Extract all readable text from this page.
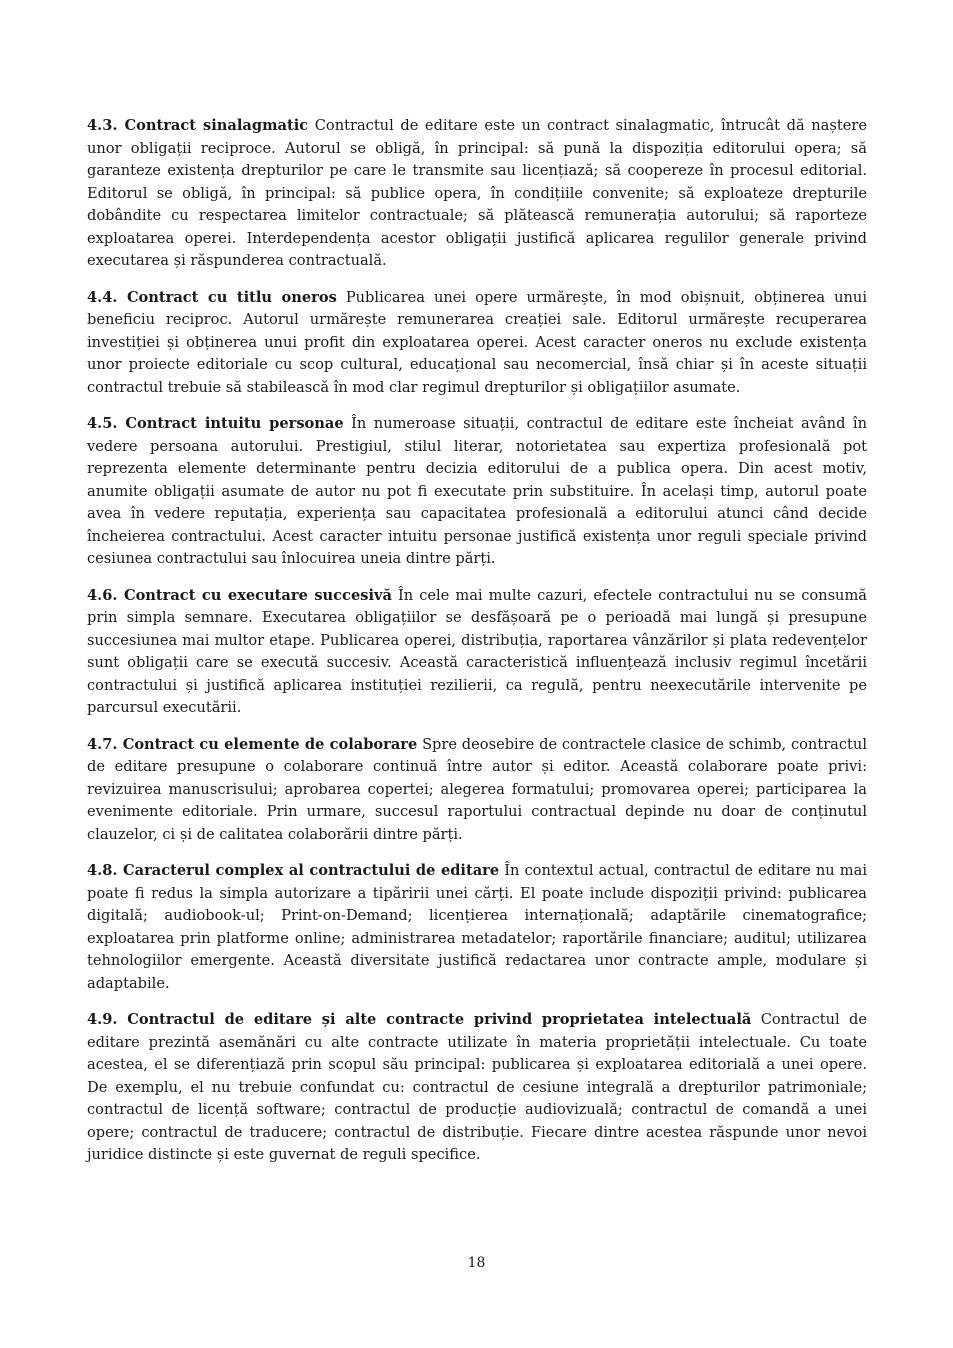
4.3. Contract sinalagmatic Contractul de editare este un contract sinalagmatic, întrucât dă naștere unor obligații reciproce. Autorul se obligă, în principal: să pună la dispoziția editorului opera; să garanteze existența drepturilor pe care le transmite sau licențiază; să coopereze în procesul editorial. Editorul se obligă, în principal: să publice opera, în condițiile convenite; să exploateze drepturile dobândite cu respectarea limitelor contractuale; să plătească remunerația autorului; să raporteze exploatarea operei. Interdependența acestor obligații justifică aplicarea regulilor generale privind executarea și răspunderea contractuală.

4.4. Contract cu titlu oneros Publicarea unei opere urmărește, în mod obișnuit, obținerea unui beneficiu reciproc. Autorul urmărește remunerarea creației sale. Editorul urmărește recuperarea investiției și obținerea unui profit din exploatarea operei. Acest caracter oneros nu exclude existența unor proiecte editoriale cu scop cultural, educațional sau necomercial, însă chiar și în aceste situații contractul trebuie să stabilească în mod clar regimul drepturilor și obligațiilor asumate.

4.5. Contract intuitu personae În numeroase situații, contractul de editare este încheiat având în vedere persoana autorului. Prestigiul, stilul literar, notorietatea sau expertiza profesională pot reprezenta elemente determinante pentru decizia editorului de a publica opera. Din acest motiv, anumite obligații asumate de autor nu pot fi executate prin substituire. În același timp, autorul poate avea în vedere reputația, experiența sau capacitatea profesională a editorului atunci când decide încheierea contractului. Acest caracter intuitu personae justifică existența unor reguli speciale privind cesiunea contractului sau înlocuirea uneia dintre părți.

4.6. Contract cu executare succesivă În cele mai multe cazuri, efectele contractului nu se consumă prin simpla semnare. Executarea obligațiilor se desfășoară pe o perioadă mai lungă și presupune succesiunea mai multor etape. Publicarea operei, distribuția, raportarea vânzărilor și plata redevențelor sunt obligații care se execută succesiv. Această caracteristică influențează inclusiv regimul încetării contractului și justifică aplicarea instituției rezilierii, ca regulă, pentru neexecutările intervenite pe parcursul executării.

4.7. Contract cu elemente de colaborare Spre deosebire de contractele clasice de schimb, contractul de editare presupune o colaborare continuă între autor și editor. Această colaborare poate privi: revizuirea manuscrisului; aprobarea copertei; alegerea formatului; promovarea operei; participarea la evenimente editoriale. Prin urmare, succesul raportului contractual depinde nu doar de conținutul clauzelor, ci și de calitatea colaborării dintre părți.

4.8. Caracterul complex al contractului de editare În contextul actual, contractul de editare nu mai poate fi redus la simpla autorizare a tipăririi unei cărți. El poate include dispoziții privind: publicarea digitală; audiobook-ul; Print-on-Demand; licențierea internațională; adaptările cinematografice; exploatarea prin platforme online; administrarea metadatelor; raportările financiare; auditul; utilizarea tehnologiilor emergente. Această diversitate justifică redactarea unor contracte ample, modulare și adaptabile.

4.9. Contractul de editare și alte contracte privind proprietatea intelectuală Contractul de editare prezintă asemănări cu alte contracte utilizate în materia proprietății intelectuale. Cu toate acestea, el se diferențiază prin scopul său principal: publicarea și exploatarea editorială a unei opere. De exemplu, el nu trebuie confundat cu: contractul de cesiune integrală a drepturilor patrimoniale; contractul de licență software; contractul de producție audiovizuală; contractul de comandă a unei opere; contractul de traducere; contractul de distribuție. Fiecare dintre acestea răspunde unor nevoi juridice distincte și este guvernat de reguli specifice.

18
